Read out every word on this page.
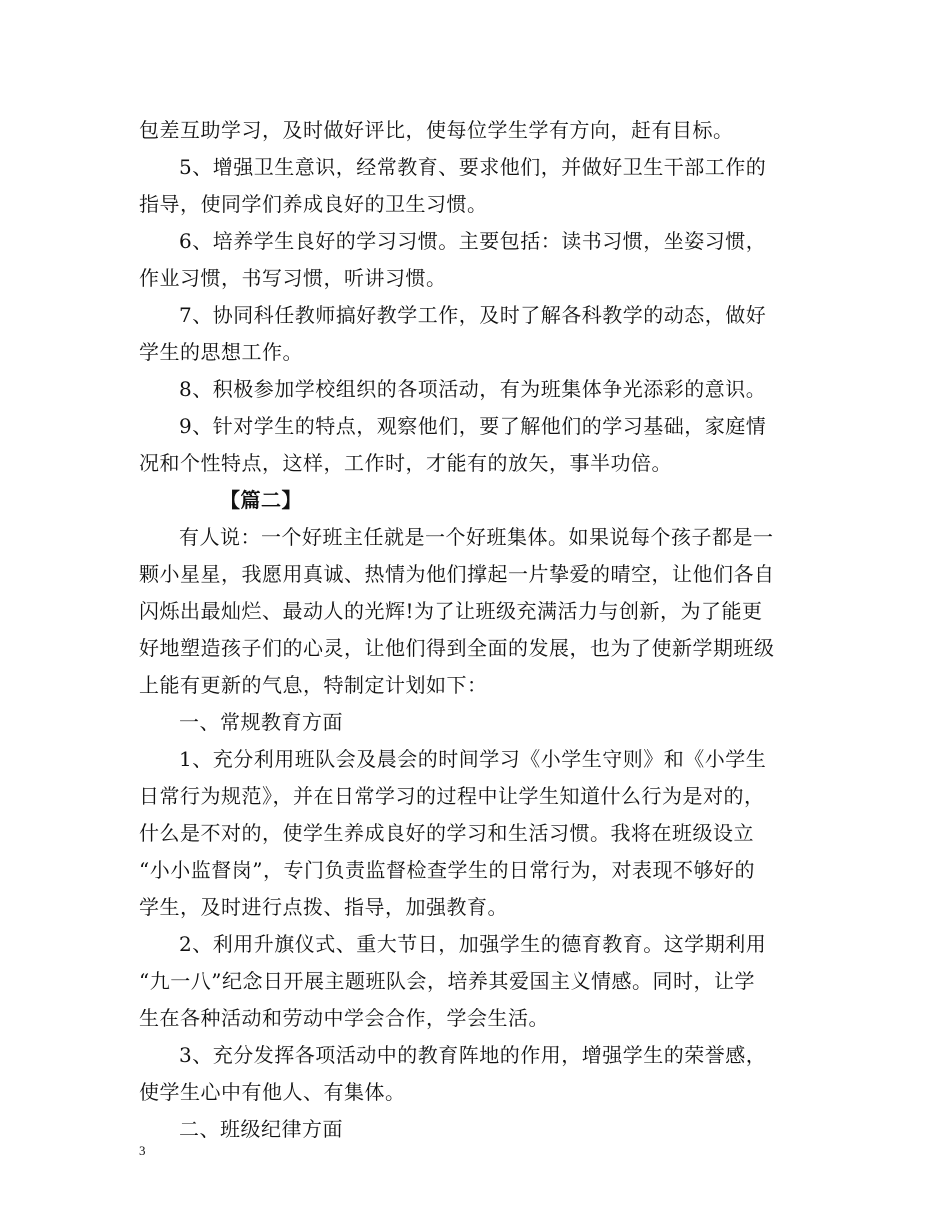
包差互助学习，及时做好评比，使每位学生学有方向，赶有目标。
5、增强卫生意识，经常教育、要求他们，并做好卫生干部工作的
指导，使同学们养成良好的卫生习惯。
6、培养学生良好的学习习惯。主要包括：读书习惯，坐姿习惯，
作业习惯，书写习惯，听讲习惯。
7、协同科任教师搞好教学工作，及时了解各科教学的动态，做好
学生的思想工作。
8、积极参加学校组织的各项活动，有为班集体争光添彩的意识。
9、针对学生的特点，观察他们，要了解他们的学习基础，家庭情
况和个性特点，这样，工作时，才能有的放矢，事半功倍。
【篇二】
有人说：一个好班主任就是一个好班集体。如果说每个孩子都是一
颗小星星，我愿用真诚、热情为他们撑起一片挚爱的晴空，让他们各自
闪烁出最灿烂、最动人的光辉!为了让班级充满活力与创新，为了能更
好地塑造孩子们的心灵，让他们得到全面的发展，也为了使新学期班级
上能有更新的气息，特制定计划如下：
一、常规教育方面
1、充分利用班队会及晨会的时间学习《小学生守则》和《小学生
日常行为规范》，并在日常学习的过程中让学生知道什么行为是对的，
什么是不对的，使学生养成良好的学习和生活习惯。我将在班级设立
“小小监督岗”，专门负责监督检查学生的日常行为，对表现不够好的
学生，及时进行点拨、指导，加强教育。
2、利用升旗仪式、重大节日，加强学生的德育教育。这学期利用
“九一八”纪念日开展主题班队会，培养其爱国主义情感。同时，让学
生在各种活动和劳动中学会合作，学会生活。
3、充分发挥各项活动中的教育阵地的作用，增强学生的荣誉感，
使学生心中有他人、有集体。
二、班级纪律方面
3
